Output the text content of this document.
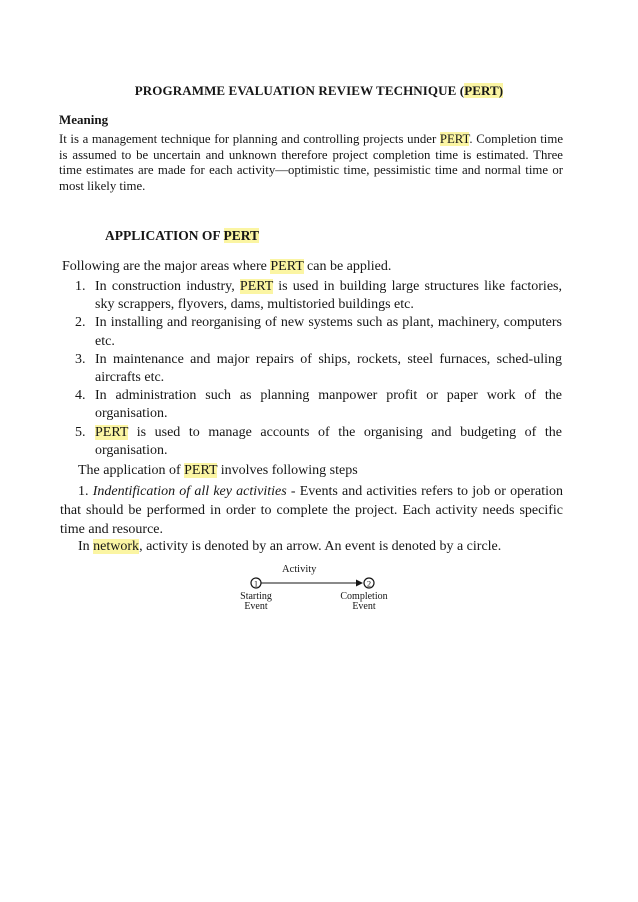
PROGRAMME EVALUATION REVIEW TECHNIQUE (PERT)
Meaning
It is a management technique for planning and controlling projects under PERT. Completion time is assumed to be uncertain and unknown therefore project completion time is estimated. Three time estimates are made for each activity—optimistic time, pessimistic time and normal time or most likely time.
APPLICATION OF PERT
Following are the major areas where PERT can be applied.
1. In construction industry, PERT is used in building large structures like factories, sky scrappers, flyovers, dams, multistoried buildings etc.
2. In installing and reorganising of new systems such as plant, machinery, computers etc.
3. In maintenance and major repairs of ships, rockets, steel furnaces, sched-uling aircrafts etc.
4. In administration such as planning manpower profit or paper work of the organisation.
5. PERT is used to manage accounts of the organising and budgeting of the organisation.
The application of PERT involves following steps
1. Indentification of all key activities - Events and activities refers to job or operation that should be performed in order to complete the project. Each activity needs specific time and resource.
In network, activity is denoted by an arrow. An event is denoted by a circle.
1	2
Activity
Starting
Event
Completion
Event
